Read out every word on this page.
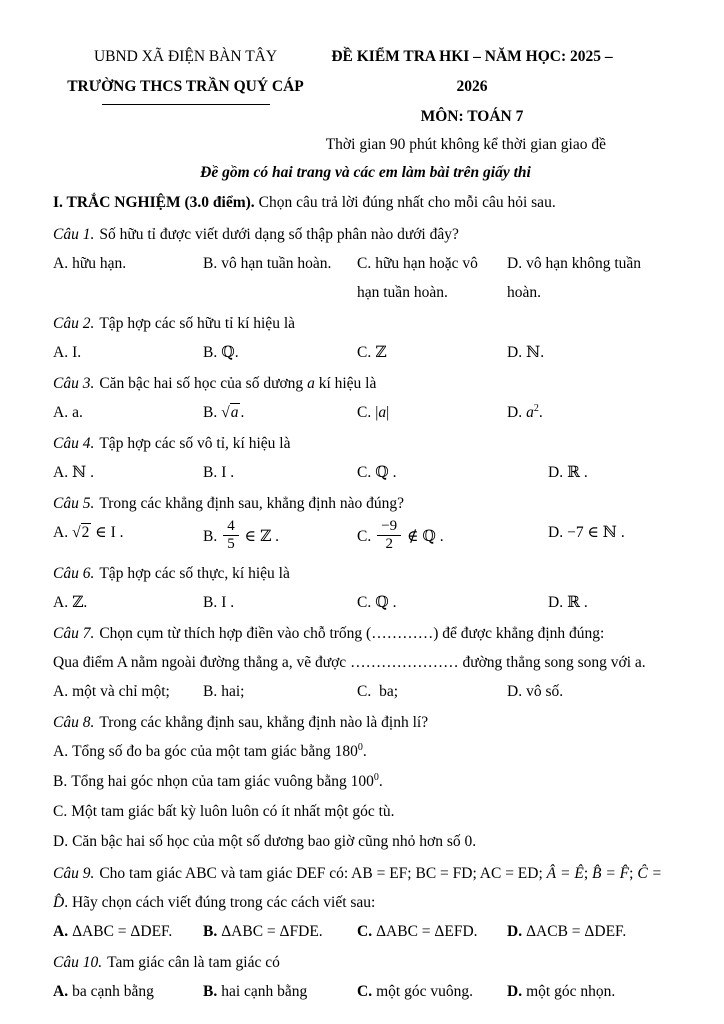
UBND XÃ ĐIỆN BÀN TÂY
TRƯỜNG THCS TRẦN QUÝ CÁP
ĐỀ KIỂM TRA HKI – NĂM HỌC: 2025 – 2026
MÔN: TOÁN 7
Thời gian 90 phút không kể thời gian giao đề
Đề gồm có hai trang và các em làm bài trên giấy thi
I. TRẮC NGHIỆM (3.0 điểm). Chọn câu trả lời đúng nhất cho mỗi câu hỏi sau.
Câu 1. Số hữu tỉ được viết dưới dạng số thập phân nào dưới đây?
A. hữu hạn.	B. vô hạn tuần hoàn.	C. hữu hạn hoặc vô hạn tuần hoàn.
D. vô hạn không tuần hoàn.
Câu 2. Tập hợp các số hữu tỉ kí hiệu là
A. I.	B. ℚ.	C. ℤ	D. ℕ.
Câu 3. Căn bậc hai số học của số dương a kí hiệu là
A. a.	B. √a .	C. |a|	D. $a^2$.
Câu 4. Tập hợp các số vô tỉ, kí hiệu là
A. ℕ .	B. I .	C. ℚ .	D. ℝ .
Câu 5. Trong các khẳng định sau, khẳng định nào đúng?
A. √2 ∈ I .	B. $\frac{4}{5}$ ∈ ℤ .	C. $\frac{-9}{2}$ ∉ ℚ .	D. −7 ∈ ℕ .
Câu 6. Tập hợp các số thực, kí hiệu là
A. ℤ.	B. I .	C. ℚ .	D. ℝ .
Câu 7. Chọn cụm từ thích hợp điền vào chỗ trống (…………) để được khẳng định đúng:
Qua điểm A nằm ngoài đường thẳng a, vẽ được ………………… đường thẳng song song với a.
A. một và chỉ một;	B. hai;	C. ba;	D. vô số.
Câu 8. Trong các khẳng định sau, khẳng định nào là định lí?
A. Tổng số đo ba góc của một tam giác bằng $180^0$.
B. Tổng hai góc nhọn của tam giác vuông bằng $100^0$.
C. Một tam giác bất kỳ luôn luôn có ít nhất một góc tù.
D. Căn bậc hai số học của một số dương bao giờ cũng nhỏ hơn số 0.
Câu 9. Cho tam giác ABC và tam giác DEF có: AB = EF; BC = FD; AC = ED; Â = Ê; B̂ = F̂; Ĉ = D̂. Hãy chọn cách viết đúng trong các cách viết sau:
A. ΔABC = ΔDEF.	B. ΔABC = ΔFDE.	C. ΔABC = ΔEFD.	D. ΔACB = ΔDEF.
Câu 10. Tam giác cân là tam giác có
A. ba cạnh bằng	B. hai cạnh bằng	C. một góc vuông.	D. một góc nhọn.
